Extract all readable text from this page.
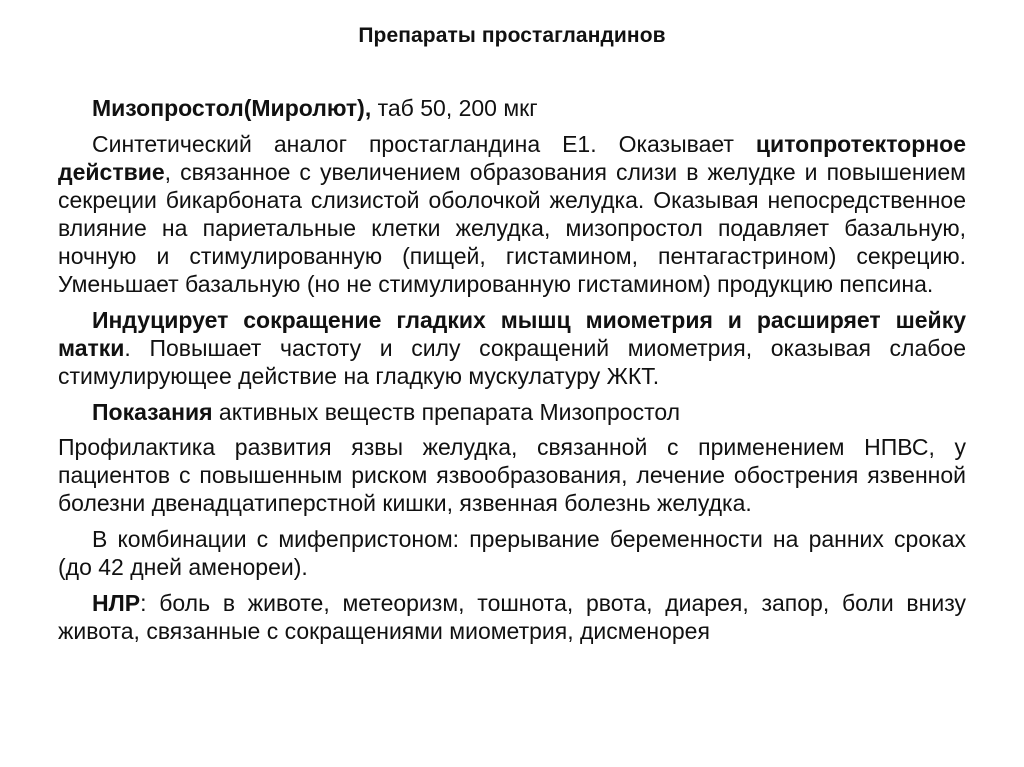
Препараты простагландинов

Мизопростол(Миролют), таб 50, 200 мкг

Синтетический аналог простагландина Е1. Оказывает цитопротекторное действие, связанное с увеличением образования слизи в желудке и повышением секреции бикарбоната слизистой оболочкой желудка. Оказывая непосредственное влияние на париетальные клетки желудка, мизопростол подавляет базальную, ночную и стимулированную (пищей, гистамином, пентагастрином) секрецию. Уменьшает базальную (но не стимулированную гистамином) продукцию пепсина.

Индуцирует сокращение гладких мышц миометрия и расширяет шейку матки. Повышает частоту и силу сокращений миометрия, оказывая слабое стимулирующее действие на гладкую мускулатуру ЖКТ.

Показания активных веществ препарата Мизопростол

Профилактика развития язвы желудка, связанной с применением НПВС, у пациентов с повышенным риском язвообразования, лечение обострения язвенной болезни двенадцатиперстной кишки, язвенная болезнь желудка.

В комбинации с мифепристоном: прерывание беременности на ранних сроках (до 42 дней аменореи).

НЛР: боль в животе, метеоризм, тошнота, рвота, диарея, запор, боли внизу живота, связанные с сокращениями миометрия, дисменорея
